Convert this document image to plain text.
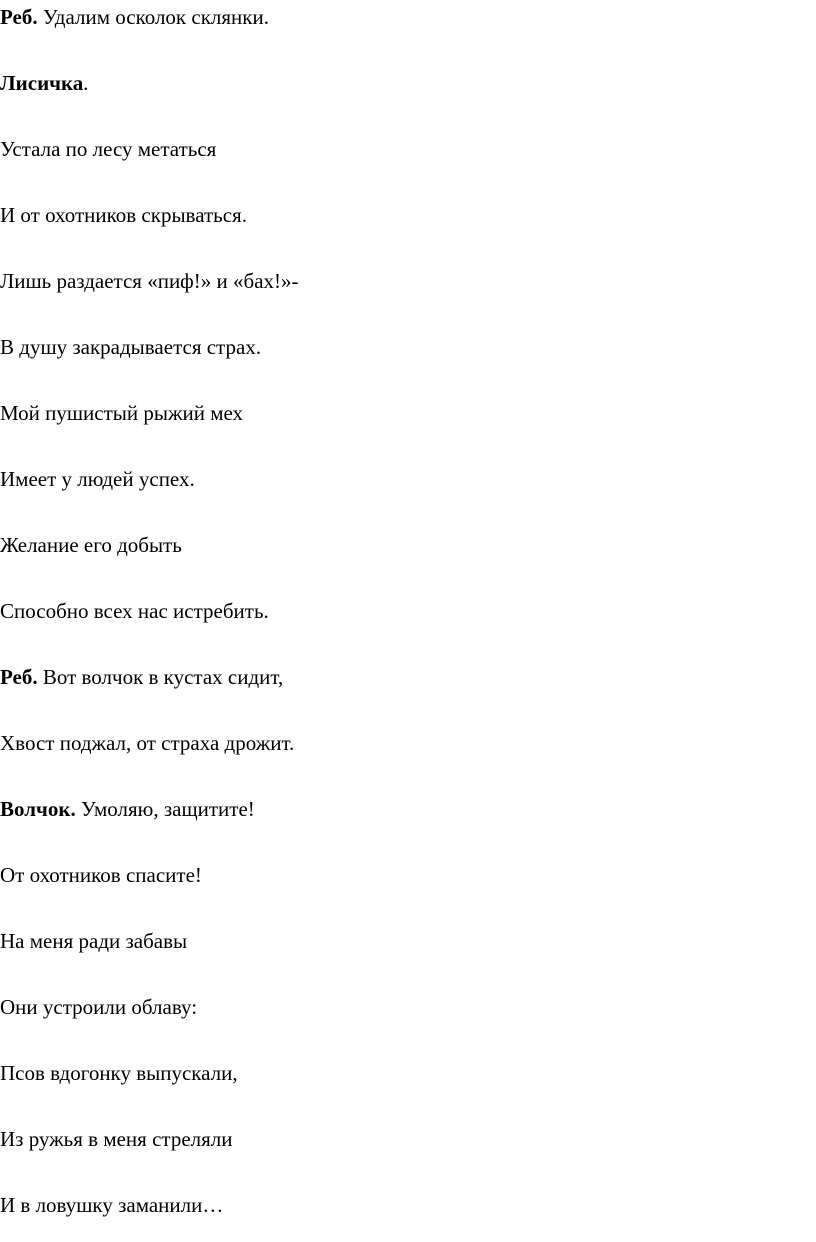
Реб. Удалим осколок склянки.

Лисичка.

Устала по лесу метаться

И от охотников скрываться.

Лишь раздается «пиф!» и «бах!»-

В душу закрадывается страх.

Мой пушистый рыжий мех

Имеет у людей успех.

Желание его добыть

Способно всех нас истребить.

Реб. Вот волчок в кустах сидит,

Хвост поджал, от страха дрожит.

Волчок. Умоляю, защитите!

От охотников спасите!

На меня ради забавы

Они устроили облаву:

Псов вдогонку выпускали,

Из ружья в меня стреляли

И в ловушку заманили…
